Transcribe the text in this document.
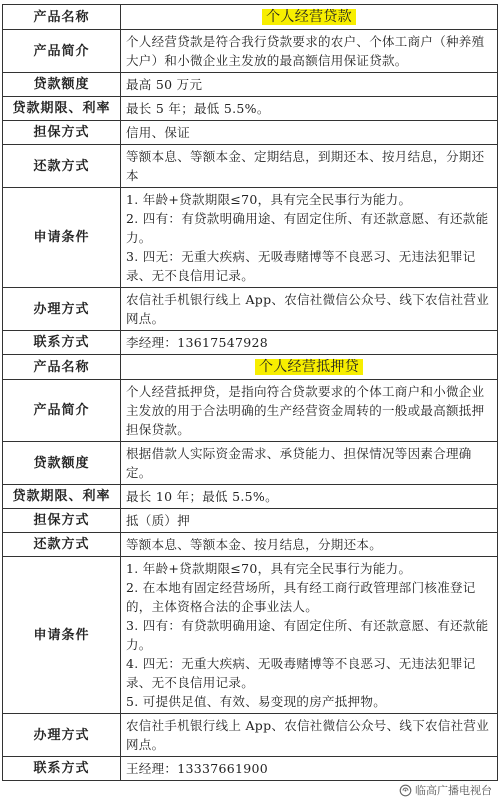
产品名称	个人经营贷款
产品简介	个人经营贷款是符合我行贷款要求的农户、个体工商户（种养殖大户）和小微企业主发放的最高额信用保证贷款。
贷款额度	最高 50 万元
贷款期限、利率	最长 5 年；最低 5.5%。
担保方式	信用、保证
还款方式	等额本息、等额本金、定期结息，到期还本、按月结息，分期还本
申请条件	1. 年龄+贷款期限≤70，具有完全民事行为能力。
2. 四有：有贷款明确用途、有固定住所、有还款意愿、有还款能力。
3. 四无：无重大疾病、无吸毒赌博等不良恶习、无违法犯罪记录、无不良信用记录。

办理方式	农信社手机银行线上 App、农信社微信公众号、线下农信社营业网点。
联系方式	李经理：13617547928
产品名称	个人经营抵押贷
产品简介	个人经营抵押贷，是指向符合贷款要求的个体工商户和小微企业主发放的用于合法明确的生产经营资金周转的一般或最高额抵押担保贷款。
贷款额度	根据借款人实际资金需求、承贷能力、担保情况等因素合理确定。
贷款期限、利率	最长 10 年；最低 5.5%。
担保方式	抵（质）押
还款方式	等额本息、等额本金、按月结息，分期还本。
申请条件	1. 年龄+贷款期限≤70，具有完全民事行为能力。
2. 在本地有固定经营场所，具有经工商行政管理部门核准登记的，主体资格合法的企事业法人。
3. 四有：有贷款明确用途、有固定住所、有还款意愿、有还款能力。
4. 四无：无重大疾病、无吸毒赌博等不良恶习、无违法犯罪记录、无不良信用记录。
5. 可提供足值、有效、易变现的房产抵押物。

办理方式	农信社手机银行线上 App、农信社微信公众号、线下农信社营业网点。
联系方式	王经理：13337661900
临高广播电视台
